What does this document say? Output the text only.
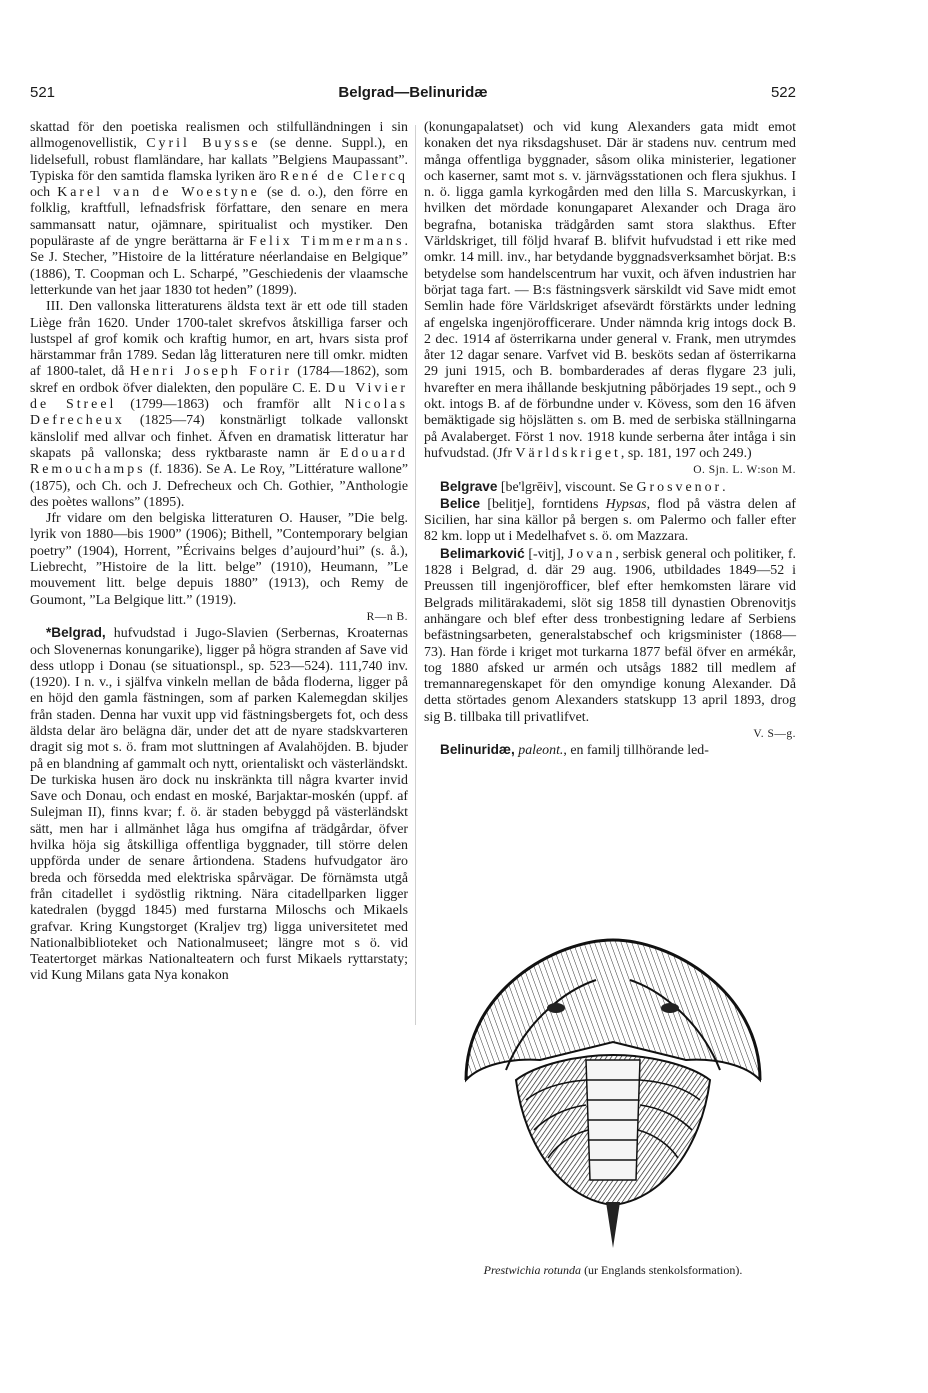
521	Belgrad—Belinuridæ	522

skattad för den poetiska realismen och stilfulländningen i sin allmogenovellistik, Cyril Buysse (se denne. Suppl.), en lidelsefull, robust flamländare, har kallats ”Belgiens Maupassant”. Typiska för den samtida flamska lyriken äro René de Clercq och Karel van de Woestyne (se d. o.), den förre en folklig, kraftfull, lefnadsfrisk författare, den senare en mera sammansatt natur, ojämnare, spiritualist och mystiker. Den populäraste af de yngre berättarna är Felix Timmermans. Se J. Stecher, ”Histoire de la littérature néerlandaise en Belgique” (1886), T. Coopman och L. Scharpé, ”Geschiedenis der vlaamsche letterkunde van het jaar 1830 tot heden” (1899).

III. Den vallonska litteraturens äldsta text är ett ode till staden Liège från 1620. Under 1700-talet skrefvos åtskilliga farser och lustspel af grof komik och kraftig humor, en art, hvars sista prof härstammar från 1789. Sedan låg litteraturen nere till omkr. midten af 1800-talet, då Henri Joseph Forir (1784—1862), som skref en ordbok öfver dialekten, den populäre C. E. Du Vivier de Streel (1799—1863) och framför allt Nicolas Defrecheux (1825—74) konstnärligt tolkade vallonskt känslolif med allvar och finhet. Äfven en dramatisk litteratur har skapats på vallonska; dess ryktbaraste namn är Edouard Remouchamps (f. 1836). Se A. Le Roy, ”Littérature wallone” (1875), och Ch. och J. Defrecheux och Ch. Gothier, ”Anthologie des poètes wallons” (1895).

Jfr vidare om den belgiska litteraturen O. Hauser, ”Die belg. lyrik von 1880—bis 1900” (1906); Bithell, ”Contemporary belgian poetry” (1904), Horrent, ”Écrivains belges d’aujourd’hui” (s. å.), Liebrecht, ”Histoire de la litt. belge” (1910), Heumann, ”Le mouvement litt. belge depuis 1880” (1913), och Remy de Goumont, ”La Belgique litt.” (1919).

R—n B.

*Belgrad, hufvudstad i Jugo-Slavien (Serbernas, Kroaternas och Slovenernas konungarike), ligger på högra stranden af Save vid dess utlopp i Donau (se situationspl., sp. 523—524). 111,740 inv. (1920). I n. v., i själfva vinkeln mellan de båda floderna, ligger på en höjd den gamla fästningen, som af parken Kalemegdan skiljes från staden. Denna har vuxit upp vid fästningsbergets fot, och dess äldsta delar äro belägna där, under det att de nyare stadskvarteren dragit sig mot s. ö. fram mot sluttningen af Avalahöjden. B. bjuder på en blandning af gammalt och nytt, orientaliskt och västerländskt. De turkiska husen äro dock nu inskränkta till några kvarter invid Save och Donau, och endast en moské, Barjaktar-moskén (uppf. af Sulejman II), finns kvar; f. ö. är staden bebyggd på västerländskt sätt, men har i allmänhet låga hus omgifna af trädgårdar, öfver hvilka höja sig åtskilliga offentliga byggnader, till större delen uppförda under de senare årtiondena. Stadens hufvudgator äro breda och försedda med elektriska spårvägar. De förnämsta utgå från citadellet i sydöstlig riktning. Nära citadellparken ligger katedralen (byggd 1845) med furstarna Miloschs och Mikaels grafvar. Kring Kungstorget (Kraljev trg) ligga universitetet med Nationalbiblioteket och Nationalmuseet; längre mot s ö. vid Teatertorget märkas Nationalteatern och furst Mikaels ryttarstaty; vid Kung Milans gata Nya konakon

(konungapalatset) och vid kung Alexanders gata midt emot konaken det nya riksdagshuset. Där är stadens nuv. centrum med många offentliga byggnader, såsom olika ministerier, legationer och kaserner, samt mot s. v. järnvägsstationen och flera sjukhus. I n. ö. ligga gamla kyrkogården med den lilla S. Marcuskyrkan, i hvilken det mördade konungaparet Alexander och Draga äro begrafna, botaniska trädgården samt stora slakthus. Efter Världskriget, till följd hvaraf B. blifvit hufvudstad i ett rike med omkr. 14 mill. inv., har betydande byggnadsverksamhet börjat. B:s betydelse som handelscentrum har vuxit, och äfven industrien har börjat taga fart. — B:s fästningsverk särskildt vid Save midt emot Semlin hade före Världskriget afsevärdt förstärkts under ledning af engelska ingenjörofficerare. Under nämnda krig intogs dock B. 2 dec. 1914 af österrikarna under general v. Frank, men utrymdes åter 12 dagar senare. Varfvet vid B. besköts sedan af österrikarna 29 juni 1915, och B. bombarderades af deras flygare 23 juli, hvarefter en mera ihållande beskjutning påbörjades 19 sept., och 9 okt. intogs B. af de förbundne under v. Kövess, som den 16 äfven bemäktigade sig höjslätten s. om B. med de serbiska ställningarna på Avalaberget. Först 1 nov. 1918 kunde serberna åter intåga i sin hufvudstad. (Jfr Världskriget, sp. 181, 197 och 249.)

O. Sjn. L. W:son M.

Belgrave [be'lgrēiv], viscount. Se Grosvenor.

Belice [belitje], forntidens Hypsas, flod på västra delen af Sicilien, har sina källor på bergen s. om Palermo och faller efter 82 km. lopp ut i Medelhafvet s. ö. om Mazzara.

Belimarković [-vitj], Jovan, serbisk general och politiker, f. 1828 i Belgrad, d. där 29 aug. 1906, utbildades 1849—52 i Preussen till ingenjörofficer, blef efter hemkomsten lärare vid Belgrads militärakademi, slöt sig 1858 till dynastien Obrenovitjs anhängare och blef efter dess tronbestigning ledare af Serbiens befästningsarbeten, generalstabschef och krigsminister (1868—73). Han förde i kriget mot turkarna 1877 befäl öfver en armékår, tog 1880 afsked ur armén och utsågs 1882 till medlem af tremannaregenskapet för den omyndige konung Alexander. Då detta störtades genom Alexanders statskupp 13 april 1893, drog sig B. tillbaka till privatlifvet.

V. S—g.

Belinuridæ, paleont., en familj tillhörande led-

Prestwichia rotunda (ur Englands stenkolsformation).
